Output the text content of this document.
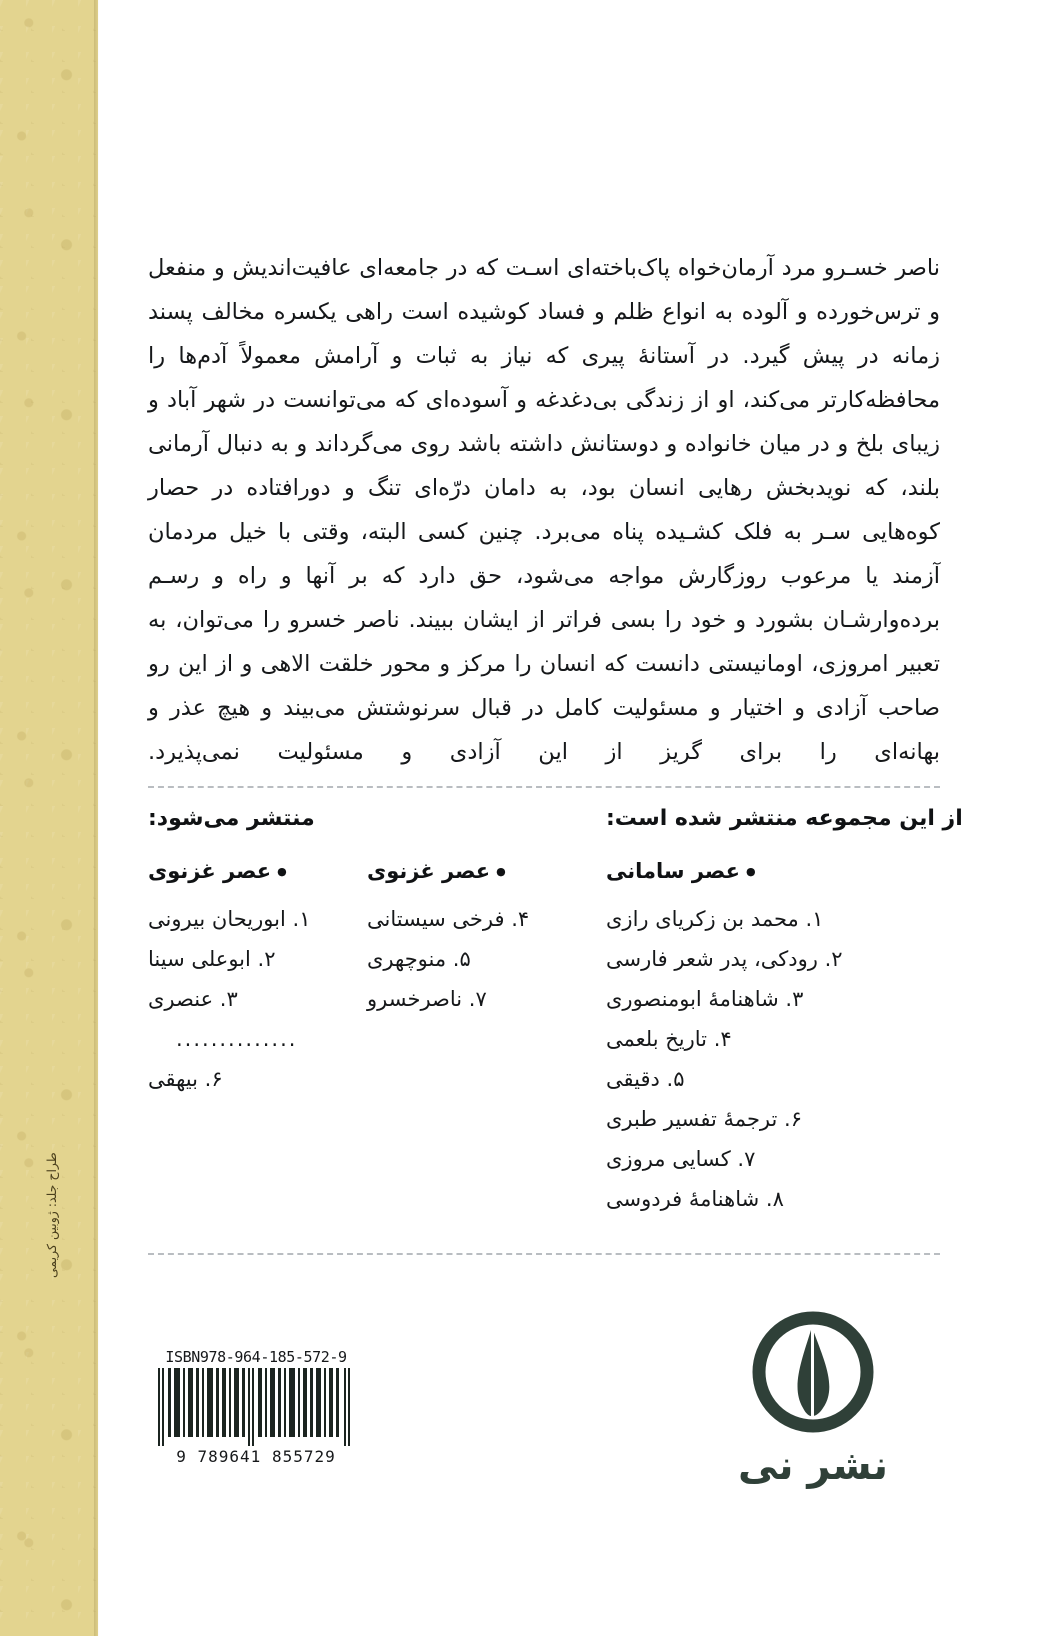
طراح جلد: ژوبین کریمی

ناصر خسـرو مرد آرمان‌خواه پاک‌باخته‌ای اسـت که در جامعه‌ای عافیت‌اندیش و منفعل و ترس‌خورده و آلوده به انواع ظلم و فساد کوشیده است راهی یکسره مخالف پسند زمانه در پیش گیرد. در آستانهٔ پیری که نیاز به ثبات و آرامش معمولاً آدم‌ها را محافظه‌کارتر می‌کند، او از زندگی بی‌دغدغه و آسوده‌ای که می‌توانست در شهر آباد و زیبای بلخ و در میان خانواده و دوستانش داشته باشد روی می‌گرداند و به دنبال آرمانی بلند، که نویدبخش رهایی انسان بود، به دامان درّه‌ای تنگ و دورافتاده در حصار کوه‌هایی سـر به فلک کشـیده پناه می‌برد. چنین کسی البته، وقتی با خیل مردمان آزمند یا مرعوب روزگارش مواجه می‌شود، حق دارد که بر آنها و راه و رسـم برده‌وارشـان بشورد و خود را بسی فراتر از ایشان ببیند. ناصر خسرو را می‌توان، به تعبیر امروزی، اومانیستی دانست که انسان را مرکز و محور خلقت الاهی و از این رو صاحب آزادی و اختیار و مسئولیت کامل در قبال سرنوشتش می‌بیند و هیچ عذر و بهانه‌ای را برای گریز از این آزادی و مسئولیت نمی‌پذیرد.

از این مجموعه منتشر شده است:
● عصر سامانی
۱. محمد بن زکریای رازی
۲. رودکی، پدر شعر فارسی
۳. شاهنامهٔ ابومنصوری
۴. تاریخ بلعمی
۵. دقیقی
۶. ترجمهٔ تفسیر طبری
۷. کسایی مروزی
۸. شاهنامهٔ فردوسی
● عصر غزنوی
۴. فرخی سیستانی
۵. منوچهری
۷. ناصرخسرو
منتشر می‌شود:
● عصر غزنوی
۱. ابوریحان بیرونی
۲. ابوعلی سینا
۳. عنصری
..............
۶. بیهقی
نشر نی
ISBN978-964-185-572-9
9 789641 855729
